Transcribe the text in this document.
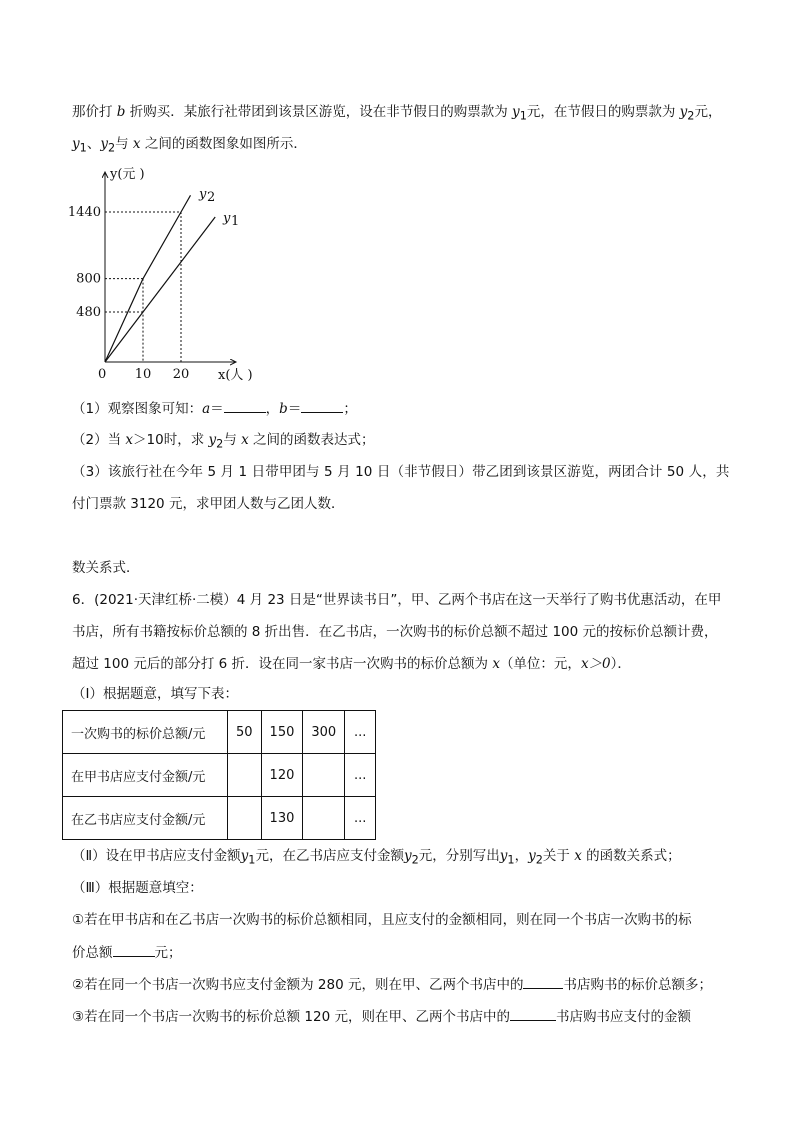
那价打 b 折购买．某旅行社带团到该景区游览，设在非节假日的购票款为 $y_1$元，在节假日的购票款为 $y_2$元，
$y_1$、$y_2$与 x 之间的函数图象如图所示．
y(元 )
x(人 )
0
480
800
1440
10 20
y 2
y 1
（1）观察图象可知：a＝	，b＝	；
（2）当 x＞10时，求 $y_2$与 x 之间的函数表达式；
（3）该旅行社在今年 5 月 1 日带甲团与 5 月 10 日（非节假日）带乙团到该景区游览，两团合计 50 人，共
付门票款 3120 元，求甲团人数与乙团人数．
数关系式．
6．(2021·天津红桥·二模）4 月 23 日是“世界读书日”，甲、乙两个书店在这一天举行了购书优惠活动，在甲
书店，所有书籍按标价总额的 8 折出售．在乙书店，一次购书的标价总额不超过 100 元的按标价总额计费，
超过 100 元后的部分打 6 折．设在同一家书店一次购书的标价总额为 x（单位：元，x＞0）．
（Ⅰ）根据题意，填写下表：
一次购书的标价总额/元	50	150	300	...
在甲书店应支付金额/元		120		...
在乙书店应支付金额/元		130		...
（Ⅱ）设在甲书店应支付金额$y_1$元，在乙书店应支付金额$y_2$元，分别写出$y_1$，$y_2$关于 x 的函数关系式；
（Ⅲ）根据题意填空：
①若在甲书店和在乙书店一次购书的标价总额相同，且应支付的金额相同，则在同一个书店一次购书的标
价总额	元；
②若在同一个书店一次购书应支付金额为 280 元，则在甲、乙两个书店中的	书店购书的标价总额多；
③若在同一个书店一次购书的标价总额 120 元，则在甲、乙两个书店中的	书店购书应支付的金额
